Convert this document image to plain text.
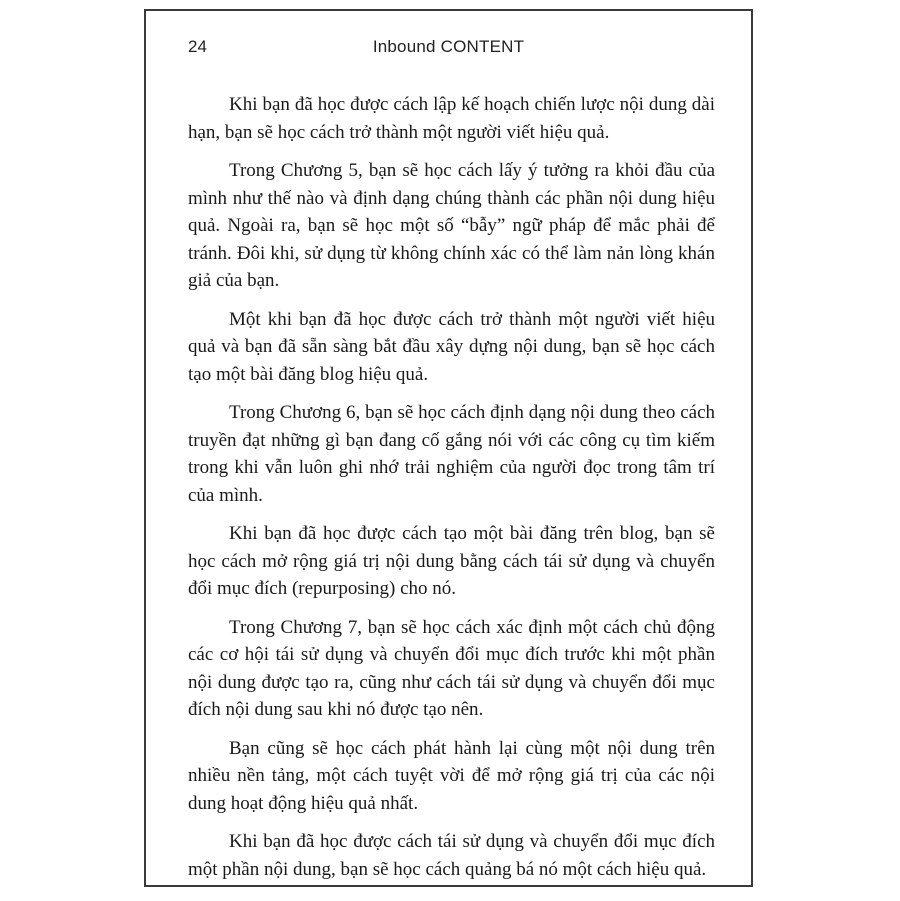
24	Inbound CONTENT

Khi bạn đã học được cách lập kế hoạch chiến lược nội dung dài hạn, bạn sẽ học cách trở thành một người viết hiệu quả.

Trong Chương 5, bạn sẽ học cách lấy ý tưởng ra khỏi đầu của mình như thế nào và định dạng chúng thành các phần nội dung hiệu quả. Ngoài ra, bạn sẽ học một số “bẫy” ngữ pháp để mắc phải để tránh. Đôi khi, sử dụng từ không chính xác có thể làm nản lòng khán giả của bạn.

Một khi bạn đã học được cách trở thành một người viết hiệu quả và bạn đã sẵn sàng bắt đầu xây dựng nội dung, bạn sẽ học cách tạo một bài đăng blog hiệu quả.

Trong Chương 6, bạn sẽ học cách định dạng nội dung theo cách truyền đạt những gì bạn đang cố gắng nói với các công cụ tìm kiếm trong khi vẫn luôn ghi nhớ trải nghiệm của người đọc trong tâm trí của mình.

Khi bạn đã học được cách tạo một bài đăng trên blog, bạn sẽ học cách mở rộng giá trị nội dung bằng cách tái sử dụng và chuyển đổi mục đích (repurposing) cho nó.

Trong Chương 7, bạn sẽ học cách xác định một cách chủ động các cơ hội tái sử dụng và chuyển đổi mục đích trước khi một phần nội dung được tạo ra, cũng như cách tái sử dụng và chuyển đổi mục đích nội dung sau khi nó được tạo nên.

Bạn cũng sẽ học cách phát hành lại cùng một nội dung trên nhiều nền tảng, một cách tuyệt vời để mở rộng giá trị của các nội dung hoạt động hiệu quả nhất.

Khi bạn đã học được cách tái sử dụng và chuyển đổi mục đích một phần nội dung, bạn sẽ học cách quảng bá nó một cách hiệu quả.
